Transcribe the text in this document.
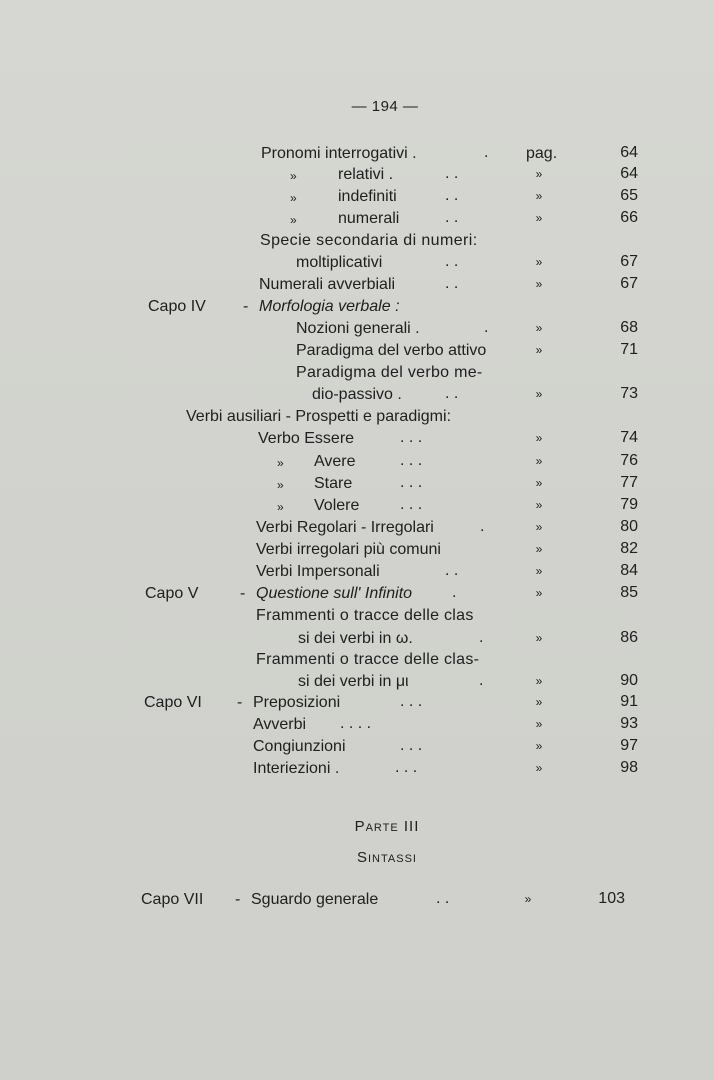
— 194 —
Pronomi interrogativi .	. pag.	64
»	relativi .	. .	»	64
»	indefiniti	. .	»	65
»	numerali	. .	»	66
Specie secondaria di numeri:
moltiplicativi	. .	»	67
Numerali avverbiali	. .	»	67
Capo IV - Morfologia verbale :
Nozioni generali .	.	»	68
Paradigma del verbo attivo	»	71
Paradigma del verbo me-
dio-passivo .	. .	»	73
Verbi ausiliari - Prospetti e paradigmi:
Verbo Essere	. . .	»	74
» Avere	. . .	»	76
» Stare	. . .	»	77
» Volere	. . .	»	79
Verbi Regolari - Irregolari	.	»	80
Verbi irregolari più comuni	»	82
Verbi Impersonali	. .	»	84
Capo V	- Questione sull' Infinito .	»	85
Frammenti o tracce delle clas
si dei verbi in ω.	.	»	86
Frammenti o tracce delle clas-
si dei verbi in μι	.	»	90
Capo VI - Preposizioni	. . .	»	91
Avverbi . . . .	»	93
Congiunzioni	. . .	»	97
Interiezioni .	. . .	»	98
Parte III
Sintassi
Capo VII - Sguardo generale	. .	»	103
